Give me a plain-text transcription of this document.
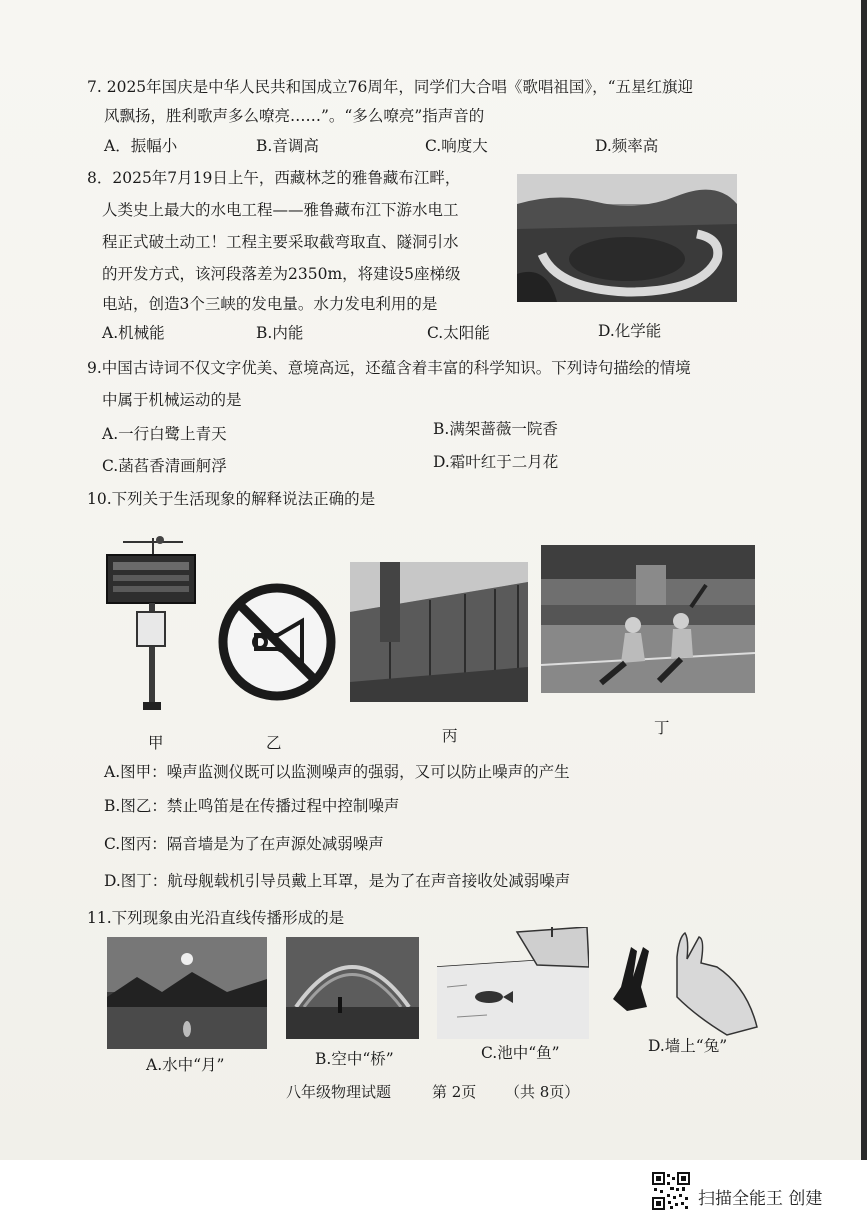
7. 2025年国庆是中华人民共和国成立76周年，同学们大合唱《歌唱祖国》，“五星红旗迎
风飘扬，胜利歌声多么嘹亮……”。“多么嘹亮”指声音的
A．振幅小	B.音调高	C.响度大	D.频率高
8．2025年7月19日上午，西藏林芝的雅鲁藏布江畔，
人类史上最大的水电工程——雅鲁藏布江下游水电工
程正式破土动工！工程主要采取截弯取直、隧洞引水
的开发方式，该河段落差为2350m，将建设5座梯级
电站，创造3个三峡的发电量。水力发电利用的是
A.机械能	B.内能	C.太阳能	D.化学能
9.中国古诗词不仅文字优美、意境高远，还蕴含着丰富的科学知识。下列诗句描绘的情境
中属于机械运动的是
A.一行白鹭上青天	B.满架蔷薇一院香
C.菡萏香清画舸浮	D.霜叶红于二月花
10.下列关于生活现象的解释说法正确的是
甲	乙	丙	丁
A.图甲：噪声监测仪既可以监测噪声的强弱，又可以防止噪声的产生
B.图乙：禁止鸣笛是在传播过程中控制噪声
C.图丙：隔音墙是为了在声源处减弱噪声
D.图丁：航母舰载机引导员戴上耳罩，是为了在声音接收处减弱噪声
11.下列现象由光沿直线传播形成的是
A.水中“月”	B.空中“桥”	C.池中“鱼”	D.墙上“兔”
八年级物理试题	第 2页 （共 8页）
扫描全能王 创建
